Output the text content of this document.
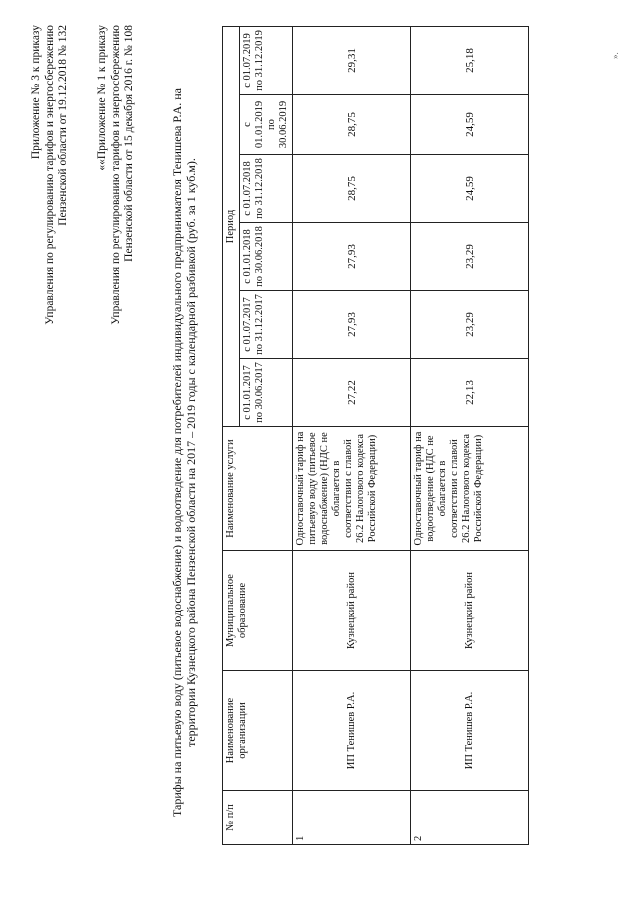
Приложение № 3 к приказу Управления по регулированию тарифов и энергосбережению Пензенской области от 19.12.2018 № 132 ««Приложение № 1 к приказу Управления по регулированию тарифов и энергосбережению Пензенской области от 15 декабря 2016 г. № 108	Тарифы на питьевую воду (питьевое водоснабжение) и водоотведение для потребителей индивидуального предпринимателя Тенишева Р.А. на территории Кузнецкого района Пензенской области на 2017 – 2019 годы с календарной разбивкой (руб. за 1 куб.м).
№ п/п	Наименование организации	Муниципальное образование	Наименование услуги	Период					
				с 01.01.2017 по 30.06.2017	с 01.07.2017 по 31.12.2017	с 01.01.2018 по 30.06.2018	с 01.07.2018 по 31.12.2018	с 01.01.2019 по 30.06.2019	с 01.07.2019 по 31.12.2019
1	ИП Тенишев Р.А.	Кузнецкий район	Одноставочный тариф на питьевую воду (питьевое водоснабжение) (НДС не облагается в соответствии с главой 26.2 Налогового кодекса Российской Федерации)	27,22	27,93	27,93	28,75	28,75	29,31
2	ИП Тенишев Р.А.	Кузнецкий район	Одноставочный тариф на водоотведение (НДС не облагается в соответствии с главой 26.2 Налогового кодекса Российской Федерации)	22,13	23,29	23,29	24,59	24,59	25,18	».
